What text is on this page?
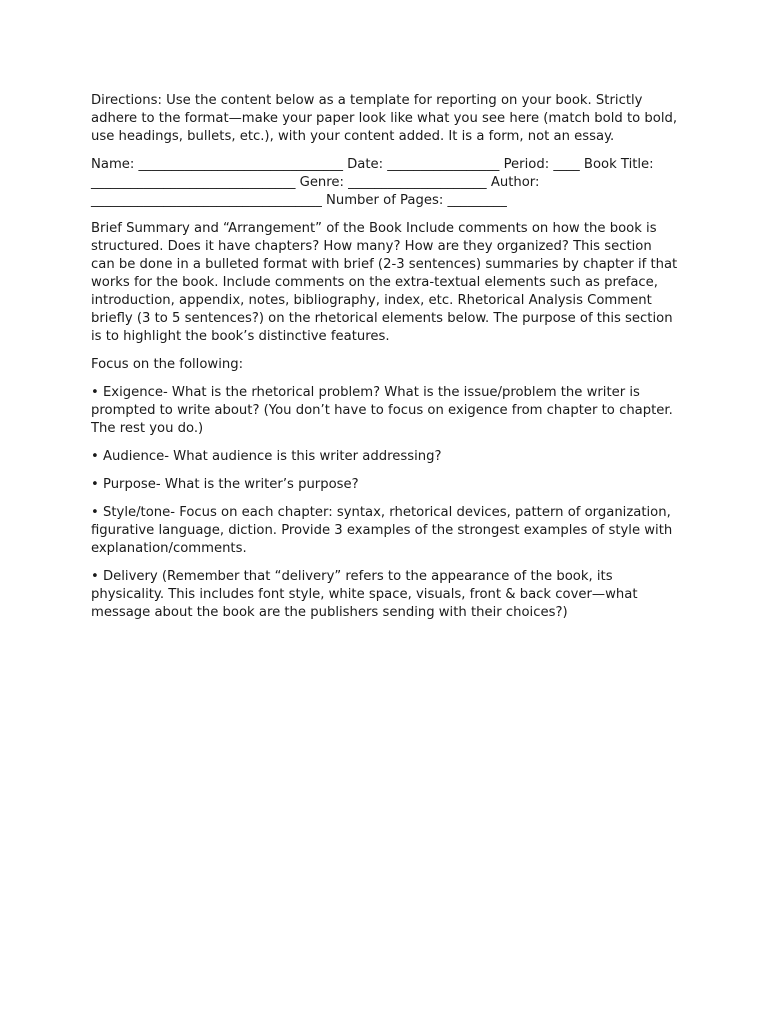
Directions: Use the content below as a template for reporting on your book. Strictly adhere to the format—make your paper look like what you see here (match bold to bold, use headings, bullets, etc.), with your content added. It is a form, not an essay.

Name: _______________________________ Date: _________________ Period: ____ Book Title: _______________________________ Genre: _____________________ Author: ___________________________________ Number of Pages: _________

Brief Summary and “Arrangement” of the Book Include comments on how the book is structured. Does it have chapters? How many? How are they organized? This section can be done in a bulleted format with brief (2-3 sentences) summaries by chapter if that works for the book. Include comments on the extra-textual elements such as preface, introduction, appendix, notes, bibliography, index, etc. Rhetorical Analysis Comment briefly (3 to 5 sentences?) on the rhetorical elements below. The purpose of this section is to highlight the book’s distinctive features.

Focus on the following:

• Exigence- What is the rhetorical problem? What is the issue/problem the writer is prompted to write about? (You don’t have to focus on exigence from chapter to chapter. The rest you do.)

• Audience- What audience is this writer addressing?

• Purpose- What is the writer’s purpose?

• Style/tone- Focus on each chapter: syntax, rhetorical devices, pattern of organization, figurative language, diction. Provide 3 examples of the strongest examples of style with explanation/comments.

• Delivery (Remember that “delivery” refers to the appearance of the book, its physicality. This includes font style, white space, visuals, front & back cover—what message about the book are the publishers sending with their choices?)
